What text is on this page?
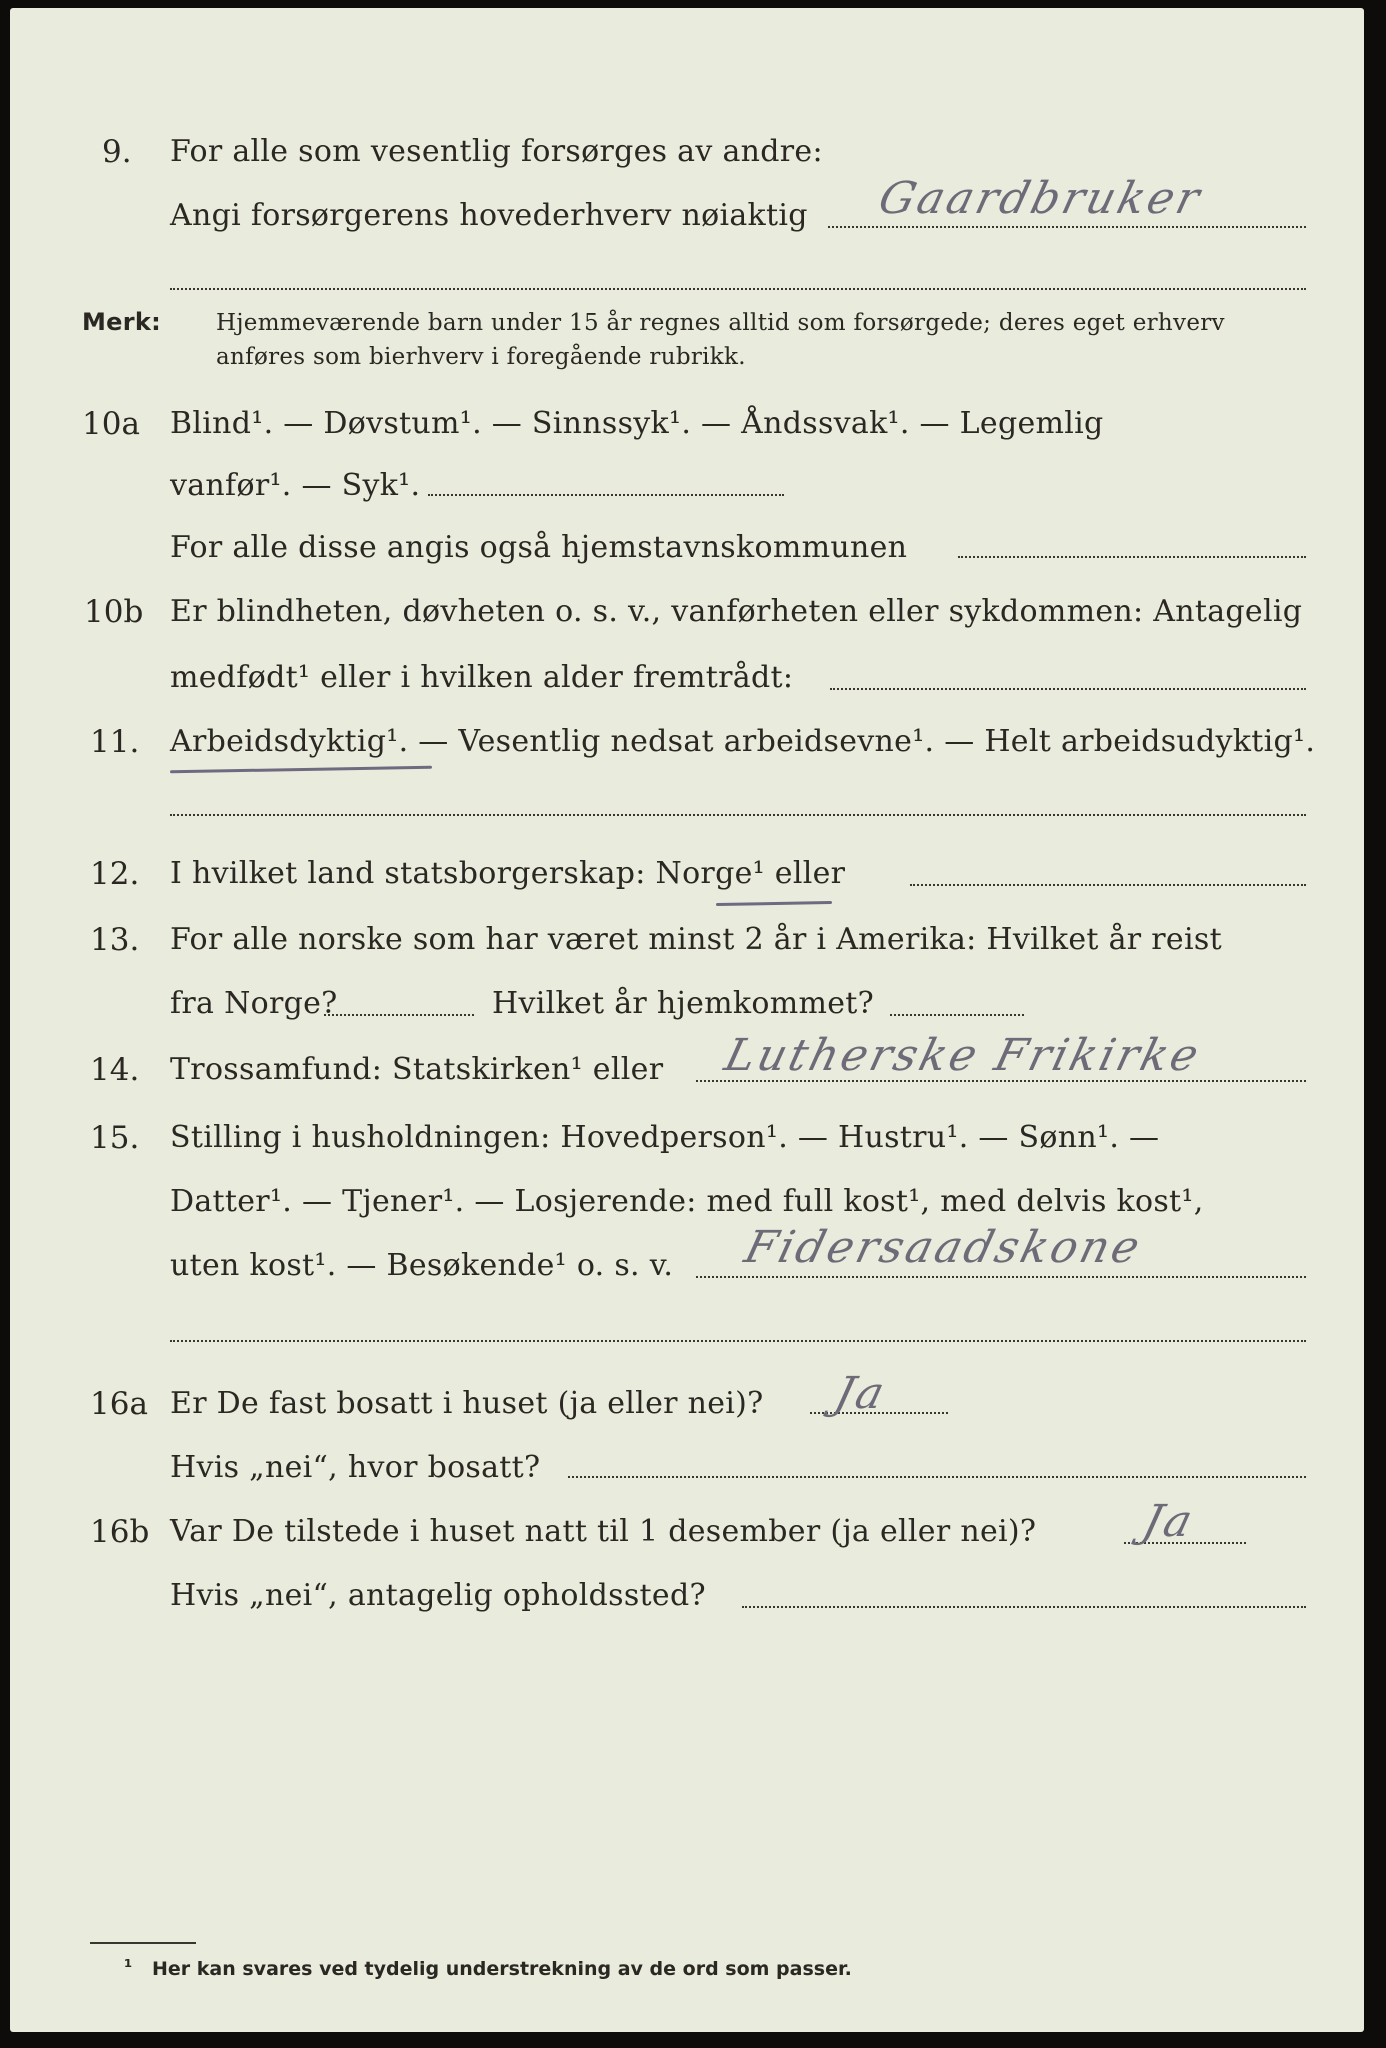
9. For alle som vesentlig forsørges av andre:
Angi forsørgerens hovederhverv nøiaktig Gaardbruker
Merk: Hjemmeværende barn under 15 år regnes alltid som forsørgede; deres eget erhverv
anføres som bierhverv i foregående rubrikk.
10a Blind¹. — Døvstum¹. — Sinnssyk¹. — Åndssvak¹. — Legemlig
vanfør¹. — Syk¹.
For alle disse angis også hjemstavnskommunen
10b Er blindheten, døvheten o. s. v., vanførheten eller sykdommen: Antagelig
medfødt¹ eller i hvilken alder fremtrådt:
11. Arbeidsdyktig¹. — Vesentlig nedsat arbeidsevne¹. — Helt arbeidsudyktig¹.
12. I hvilket land statsborgerskap: Norge¹ eller
13. For alle norske som har været minst 2 år i Amerika: Hvilket år reist
fra Norge?	Hvilket år hjemkommet?
14. Trossamfund: Statskirken¹ eller Lutherske Frikirke
15. Stilling i husholdningen: Hovedperson¹. — Hustru¹. — Sønn¹. —
Datter¹. — Tjener¹. — Losjerende: med full kost¹, med delvis kost¹,
uten kost¹. — Besøkende¹ o. s. v. Fidersaadskone
16a Er De fast bosatt i huset (ja eller nei)? Ja
Hvis „nei“, hvor bosatt?
16b Var De tilstede i huset natt til 1 desember (ja eller nei)? Ja
Hvis „nei“, antagelig opholdssted?
¹ Her kan svares ved tydelig understrekning av de ord som passer.
